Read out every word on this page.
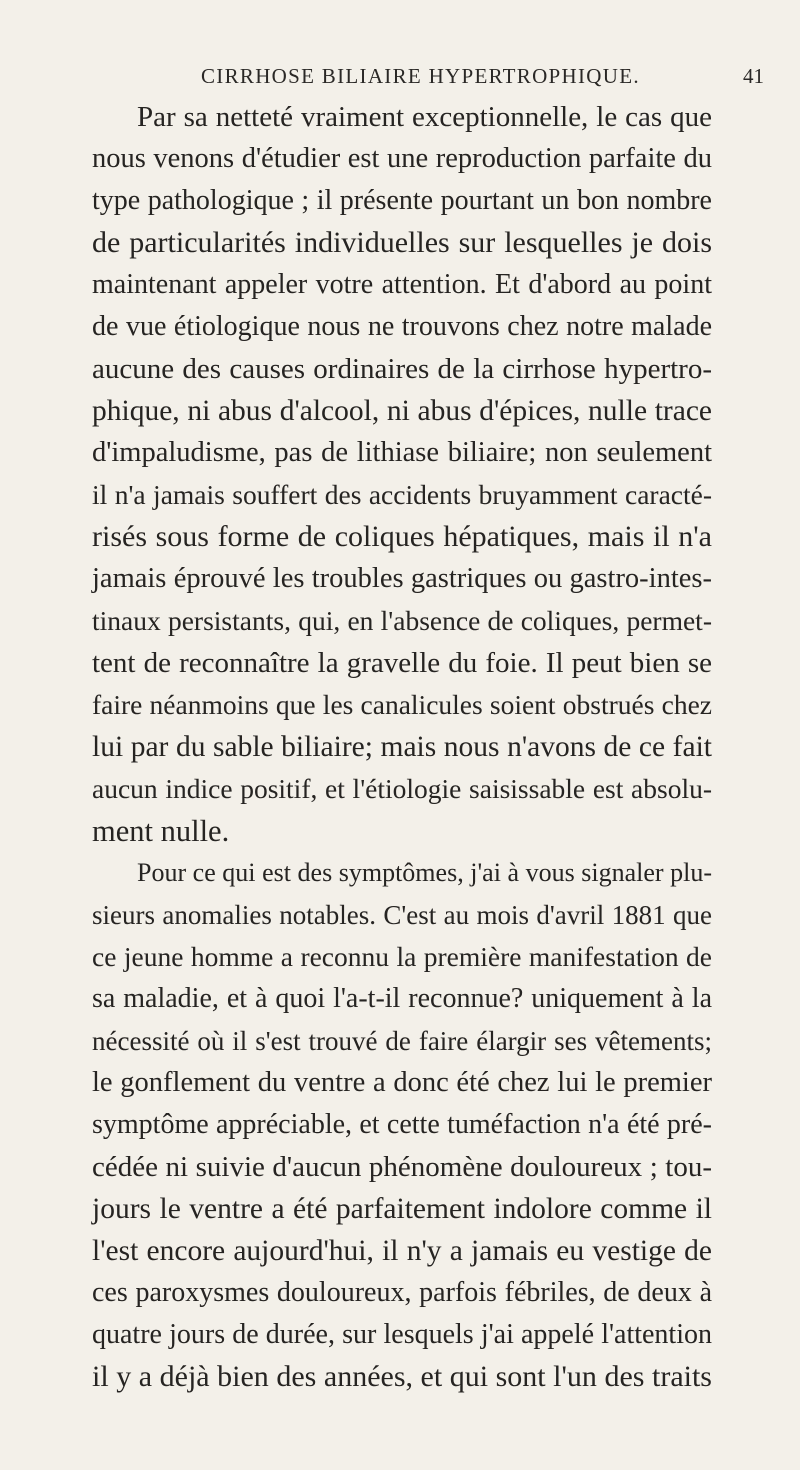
CIRRHOSE BILIAIRE HYPERTROPHIQUE.	41
Par sa netteté vraiment exceptionnelle, le cas que
nous venons d'étudier est une reproduction parfaite du
type pathologique ; il présente pourtant un bon nombre
de particularités individuelles sur lesquelles je dois
maintenant appeler votre attention. Et d'abord au point
de vue étiologique nous ne trouvons chez notre malade
aucune des causes ordinaires de la cirrhose hypertro-
phique, ni abus d'alcool, ni abus d'épices, nulle trace
d'impaludisme, pas de lithiase biliaire; non seulement
il n'a jamais souffert des accidents bruyamment caracté-
risés sous forme de coliques hépatiques, mais il n'a
jamais éprouvé les troubles gastriques ou gastro-intes-
tinaux persistants, qui, en l'absence de coliques, permet-
tent de reconnaître la gravelle du foie. Il peut bien se
faire néanmoins que les canalicules soient obstrués chez
lui par du sable biliaire; mais nous n'avons de ce fait
aucun indice positif, et l'étiologie saisissable est absolu-
ment nulle.
Pour ce qui est des symptômes, j'ai à vous signaler plu-
sieurs anomalies notables. C'est au mois d'avril 1881 que
ce jeune homme a reconnu la première manifestation de
sa maladie, et à quoi l'a-t-il reconnue? uniquement à la
nécessité où il s'est trouvé de faire élargir ses vêtements;
le gonflement du ventre a donc été chez lui le premier
symptôme appréciable, et cette tuméfaction n'a été pré-
cédée ni suivie d'aucun phénomène douloureux ; tou-
jours le ventre a été parfaitement indolore comme il
l'est encore aujourd'hui, il n'y a jamais eu vestige de
ces paroxysmes douloureux, parfois fébriles, de deux à
quatre jours de durée, sur lesquels j'ai appelé l'attention
il y a déjà bien des années, et qui sont l'un des traits
